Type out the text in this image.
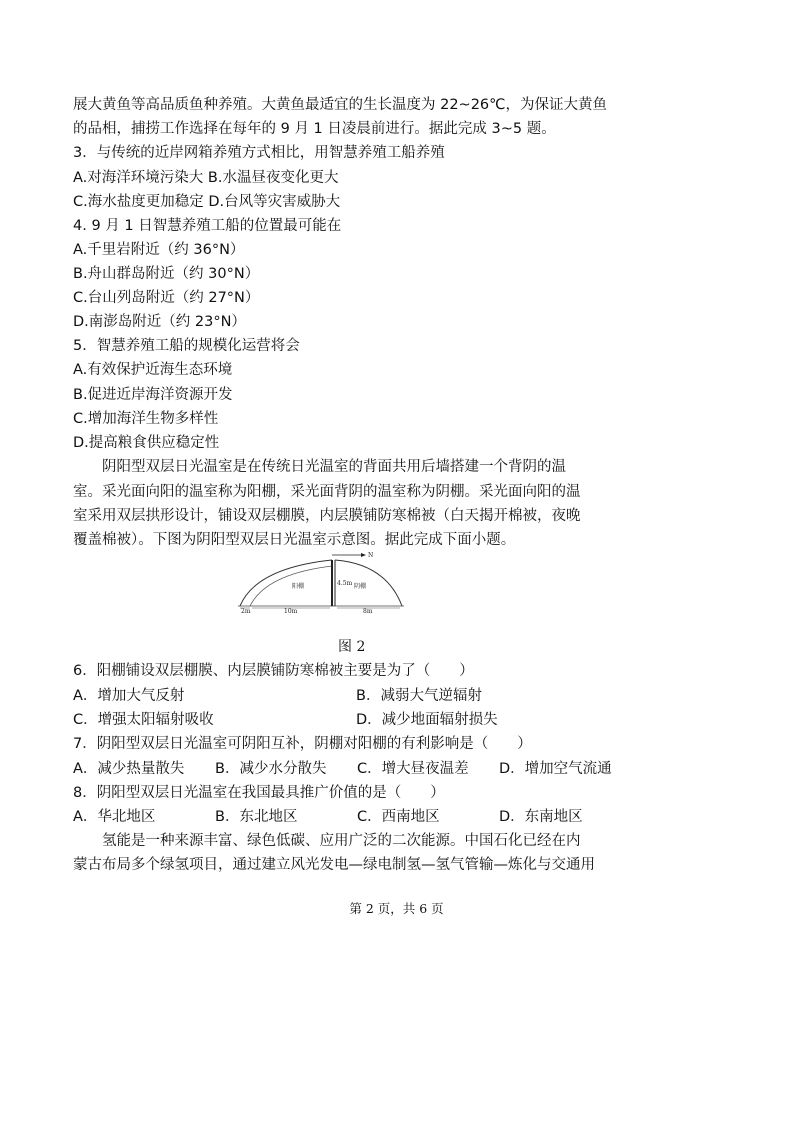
展大黄鱼等高品质鱼种养殖。大黄鱼最适宜的生长温度为 22~26℃，为保证大黄鱼
的品相，捕捞工作选择在每年的 9 月 1 日凌晨前进行。据此完成 3~5 题。
3．与传统的近岸网箱养殖方式相比，用智慧养殖工船养殖
A.对海洋环境污染大 B.水温昼夜变化更大
C.海水盐度更加稳定 D.台风等灾害威胁大
4. 9 月 1 日智慧养殖工船的位置最可能在
A.千里岩附近（约 36°N）
B.舟山群岛附近（约 30°N）
C.台山列岛附近（约 27°N）
D.南澎岛附近（约 23°N）
5．智慧养殖工船的规模化运营将会
A.有效保护近海生态环境
B.促进近岸海洋资源开发
C.增加海洋生物多样性
D.提高粮食供应稳定性
阴阳型双层日光温室是在传统日光温室的背面共用后墙搭建一个背阴的温
室。采光面向阳的温室称为阳棚，采光面背阴的温室称为阴棚。采光面向阳的温
室采用双层拱形设计，铺设双层棚膜，内层膜铺防寒棉被（白天揭开棉被，夜晚
覆盖棉被）。下图为阴阳型双层日光温室示意图。据此完成下面小题。
N
阳棚	阴棚
4.5m
2m	10m	8m
图 2
6．阳棚铺设双层棚膜、内层膜铺防寒棉被主要是为了（　　）
A．增加大气反射	B．减弱大气逆辐射
C．增强太阳辐射吸收	D．减少地面辐射损失
7．阴阳型双层日光温室可阴阳互补，阴棚对阳棚的有利影响是（　　）
A．减少热量散失 B．减少水分散失 C．增大昼夜温差 D．增加空气流通
8．阴阳型双层日光温室在我国最具推广价值的是（　　）
A．华北地区	B．东北地区	C．西南地区	D．东南地区
氢能是一种来源丰富、绿色低碳、应用广泛的二次能源。中国石化已经在内
蒙古布局多个绿氢项目，通过建立风光发电—绿电制氢—氢气管输—炼化与交通用
第 2 页，共 6 页
